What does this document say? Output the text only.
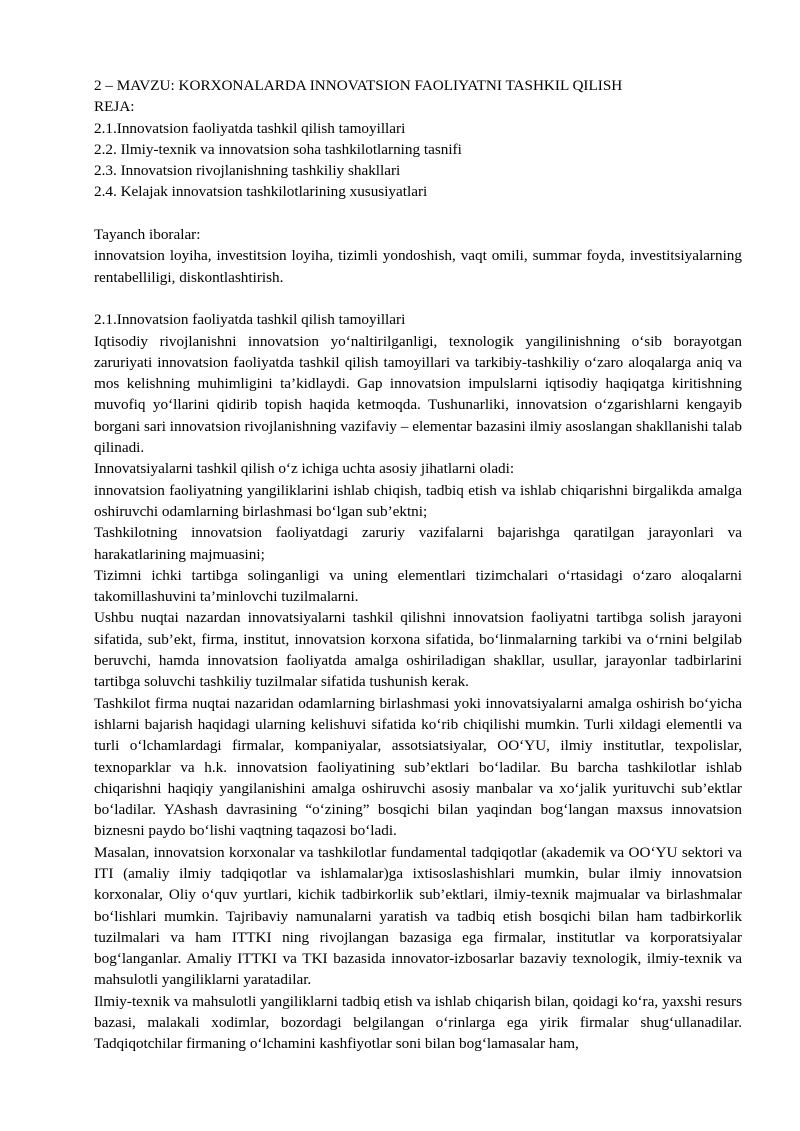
2 – MAVZU: KORXONALARDA INNOVATSION FAOLIYATNI TASHKIL QILISH
REJA:
2.1.Innovatsion faoliyatda tashkil qilish tamoyillari
2.2. Ilmiy-texnik va innovatsion soha tashkilotlarning tasnifi
2.3. Innovatsion rivojlanishning tashkiliy shakllari
2.4. Kelajak innovatsion tashkilotlarining xususiyatlari
Tayanch iboralar:

innovatsion loyiha, investitsion loyiha, tizimli yondoshish, vaqt omili, summar foyda, investitsiyalarning rentabelliligi, diskontlashtirish.

2.1.Innovatsion faoliyatda tashkil qilish tamoyillari

Iqtisodiy rivojlanishni innovatsion yo‘naltirilganligi, texnologik yangilinishning o‘sib borayotgan zaruriyati innovatsion faoliyatda tashkil qilish tamoyillari va tarkibiy-tashkiliy o‘zaro aloqalarga aniq va mos kelishning muhimligini ta’kidlaydi. Gap innovatsion impulslarni iqtisodiy haqiqatga kiritishning muvofiq yo‘llarini qidirib topish haqida ketmoqda. Tushunarliki, innovatsion o‘zgarishlarni kengayib borgani sari innovatsion rivojlanishning vazifaviy – elementar bazasini ilmiy asoslangan shakllanishi talab qilinadi.

Innovatsiyalarni tashkil qilish o‘z ichiga uchta asosiy jihatlarni oladi:

innovatsion faoliyatning yangiliklarini ishlab chiqish, tadbiq etish va ishlab chiqarishni birgalikda amalga oshiruvchi odamlarning birlashmasi bo‘lgan sub’ektni;

Tashkilotning innovatsion faoliyatdagi zaruriy vazifalarni bajarishga qaratilgan jarayonlari va harakatlarining majmuasini;

Tizimni ichki tartibga solinganligi va uning elementlari tizimchalari o‘rtasidagi o‘zaro aloqalarni takomillashuvini ta’minlovchi tuzilmalarni.

Ushbu nuqtai nazardan innovatsiyalarni tashkil qilishni innovatsion faoliyatni tartibga solish jarayoni sifatida, sub’ekt, firma, institut, innovatsion korxona sifatida, bo‘linmalarning tarkibi va o‘rnini belgilab beruvchi, hamda innovatsion faoliyatda amalga oshiriladigan shakllar, usullar, jarayonlar tadbirlarini tartibga soluvchi tashkiliy tuzilmalar sifatida tushunish kerak.

Tashkilot firma nuqtai nazaridan odamlarning birlashmasi yoki innovatsiyalarni amalga oshirish bo‘yicha ishlarni bajarish haqidagi ularning kelishuvi sifatida ko‘rib chiqilishi mumkin. Turli xildagi elementli va turli o‘lchamlardagi firmalar, kompaniyalar, assotsiatsiyalar, OO‘YU, ilmiy institutlar, texpolislar, texnoparklar va h.k. innovatsion faoliyatining sub’ektlari bo‘ladilar. Bu barcha tashkilotlar ishlab chiqarishni haqiqiy yangilanishini amalga oshiruvchi asosiy manbalar va xo‘jalik yurituvchi sub’ektlar bo‘ladilar. YAshash davrasining “o‘zining” bosqichi bilan yaqindan bog‘langan maxsus innovatsion biznesni paydo bo‘lishi vaqtning taqazosi bo‘ladi.

Masalan, innovatsion korxonalar va tashkilotlar fundamental tadqiqotlar (akademik va OO‘YU sektori va ITI (amaliy ilmiy tadqiqotlar va ishlamalar)ga ixtisoslashishlari mumkin, bular ilmiy innovatsion korxonalar, Oliy o‘quv yurtlari, kichik tadbirkorlik sub’ektlari, ilmiy-texnik majmualar va birlashmalar bo‘lishlari mumkin. Tajribaviy namunalarni yaratish va tadbiq etish bosqichi bilan ham tadbirkorlik tuzilmalari va ham ITTKI ning rivojlangan bazasiga ega firmalar, institutlar va korporatsiyalar bog‘langanlar. Amaliy ITTKI va TKI bazasida innovator-izbosarlar bazaviy texnologik, ilmiy-texnik va mahsulotli yangiliklarni yaratadilar.

Ilmiy-texnik va mahsulotli yangiliklarni tadbiq etish va ishlab chiqarish bilan, qoidagi ko‘ra, yaxshi resurs bazasi, malakali xodimlar, bozordagi belgilangan o‘rinlarga ega yirik firmalar shug‘ullanadilar. Tadqiqotchilar firmaning o‘lchamini kashfiyotlar soni bilan bog‘lamasalar ham,
